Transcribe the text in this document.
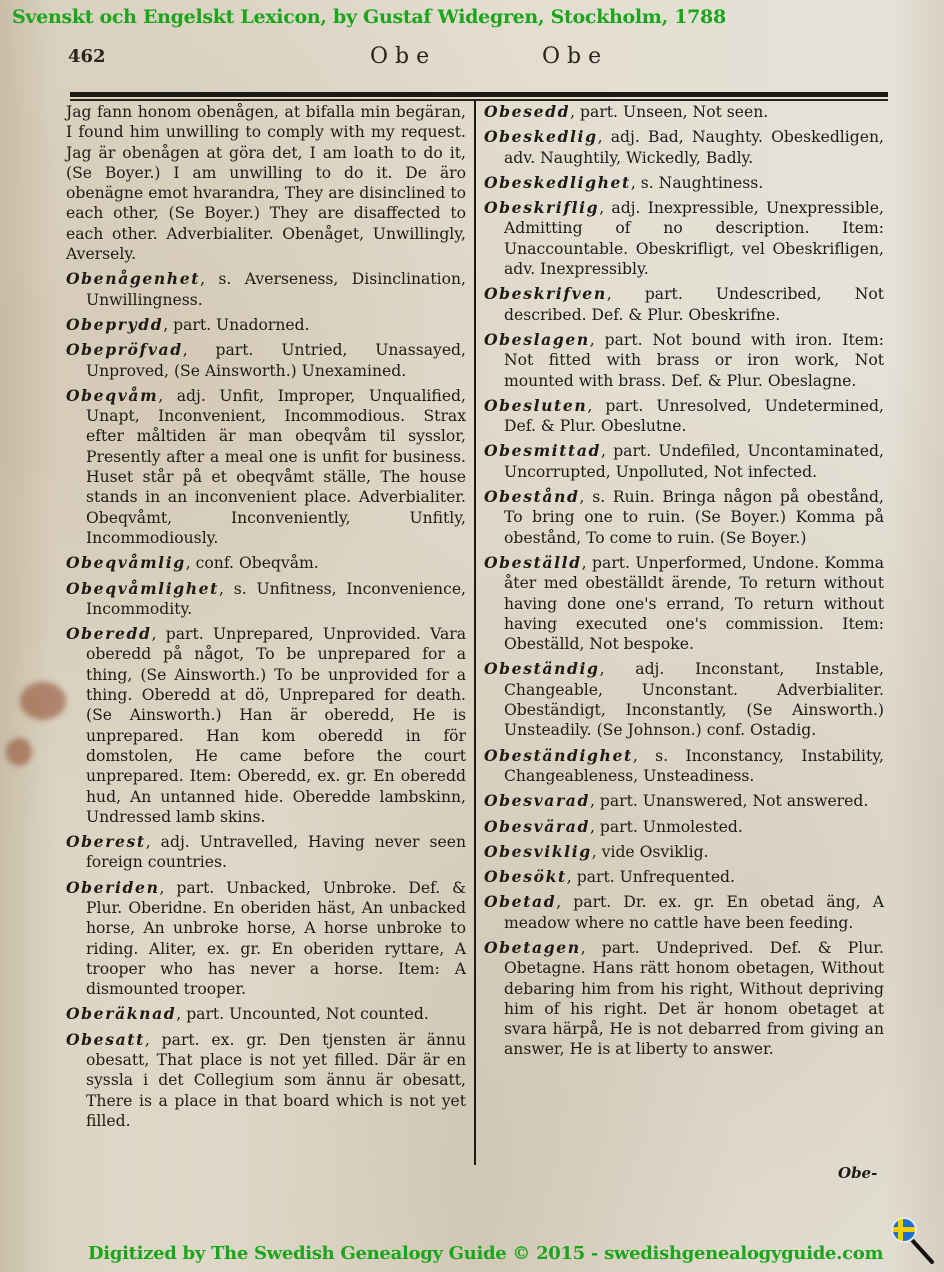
Svenskt och Engelskt Lexicon, by Gustaf Widegren, Stockholm, 1788
462	Obe	Obe

Jag fann honom obenågen, at bifalla min begäran, I found him unwilling to comply with my request. Jag är obenågen at göra det, I am loath to do it, (Se Boyer.) I am unwilling to do it. De äro obenägne emot hvarandra, They are disinclined to each other, (Se Boyer.) They are disaffected to each other. Adverbialiter. Obenåget, Unwillingly, Aversely.

Obenågenhet, s. Averseness, Disinclination, Unwillingness.

Obeprydd, part. Unadorned.

Obepröfvad, part. Untried, Unassayed, Unproved, (Se Ainsworth.) Unexamined.

Obeqvåm, adj. Unfit, Improper, Unqualified, Unapt, Inconvenient, Incommodious. Strax efter måltiden är man obeqvåm til sysslor, Presently after a meal one is unfit for business. Huset står på et obeqvåmt ställe, The house stands in an inconvenient place. Adverbialiter. Obeqvåmt, Inconveniently, Unfitly, Incommodiously.

Obeqvåmlig, conf. Obeqvåm.

Obeqvåmlighet, s. Unfitness, Inconvenience, Incommodity.

Oberedd, part. Unprepared, Unprovided. Vara oberedd på något, To be unprepared for a thing, (Se Ainsworth.) To be unprovided for a thing. Oberedd at dö, Unprepared for death. (Se Ainsworth.) Han är oberedd, He is unprepared. Han kom oberedd in för domstolen, He came before the court unprepared. Item: Oberedd, ex. gr. En oberedd hud, An untanned hide. Oberedde lambskinn, Undressed lamb skins.

Oberest, adj. Untravelled, Having never seen foreign countries.

Oberiden, part. Unbacked, Unbroke. Def. & Plur. Oberidne. En oberiden häst, An unbacked horse, An unbroke horse, A horse unbroke to riding. Aliter, ex. gr. En oberiden ryttare, A trooper who has never a horse. Item: A dismounted trooper.

Oberäknad, part. Uncounted, Not counted.

Obesatt, part. ex. gr. Den tjensten är ännu obesatt, That place is not yet filled. Där är en syssla i det Collegium som ännu är obesatt, There is a place in that board which is not yet filled.

Obesedd, part. Unseen, Not seen.

Obeskedlig, adj. Bad, Naughty. Obeskedligen, adv. Naughtily, Wickedly, Badly.

Obeskedlighet, s. Naughtiness.

Obeskriflig, adj. Inexpressible, Unexpressible, Admitting of no description. Item: Unaccountable. Obeskrifligt, vel Obeskrifligen, adv. Inexpressibly.

Obeskrifven, part. Undescribed, Not described. Def. & Plur. Obeskrifne.

Obeslagen, part. Not bound with iron. Item: Not fitted with brass or iron work, Not mounted with brass. Def. & Plur. Obeslagne.

Obesluten, part. Unresolved, Undetermined, Def. & Plur. Obeslutne.

Obesmittad, part. Undefiled, Uncontaminated, Uncorrupted, Unpolluted, Not infected.

Obestånd, s. Ruin. Bringa någon på obestånd, To bring one to ruin. (Se Boyer.) Komma på obestånd, To come to ruin. (Se Boyer.)

Obeställd, part. Unperformed, Undone. Komma åter med obeställdt ärende, To return without having done one's errand, To return without having executed one's commission. Item: Obeställd, Not bespoke.

Obeständig, adj. Inconstant, Instable, Changeable, Unconstant. Adverbialiter. Obeständigt, Inconstantly, (Se Ainsworth.) Unsteadily. (Se Johnson.) conf. Ostadig.

Obeständighet, s. Inconstancy, Instability, Changeableness, Unsteadiness.

Obesvarad, part. Unanswered, Not answered.

Obesvärad, part. Unmolested.

Obesviklig, vide Osviklig.

Obesökt, part. Unfrequented.

Obetad, part. Dr. ex. gr. En obetad äng, A meadow where no cattle have been feeding.

Obetagen, part. Undeprived. Def. & Plur. Obetagne. Hans rätt honom obetagen, Without debaring him from his right, Without depriving him of his right. Det är honom obetaget at svara härpå, He is not debarred from giving an answer, He is at liberty to answer.

Obe-
Digitized by The Swedish Genealogy Guide © 2015 - swedishgenealogyguide.com
